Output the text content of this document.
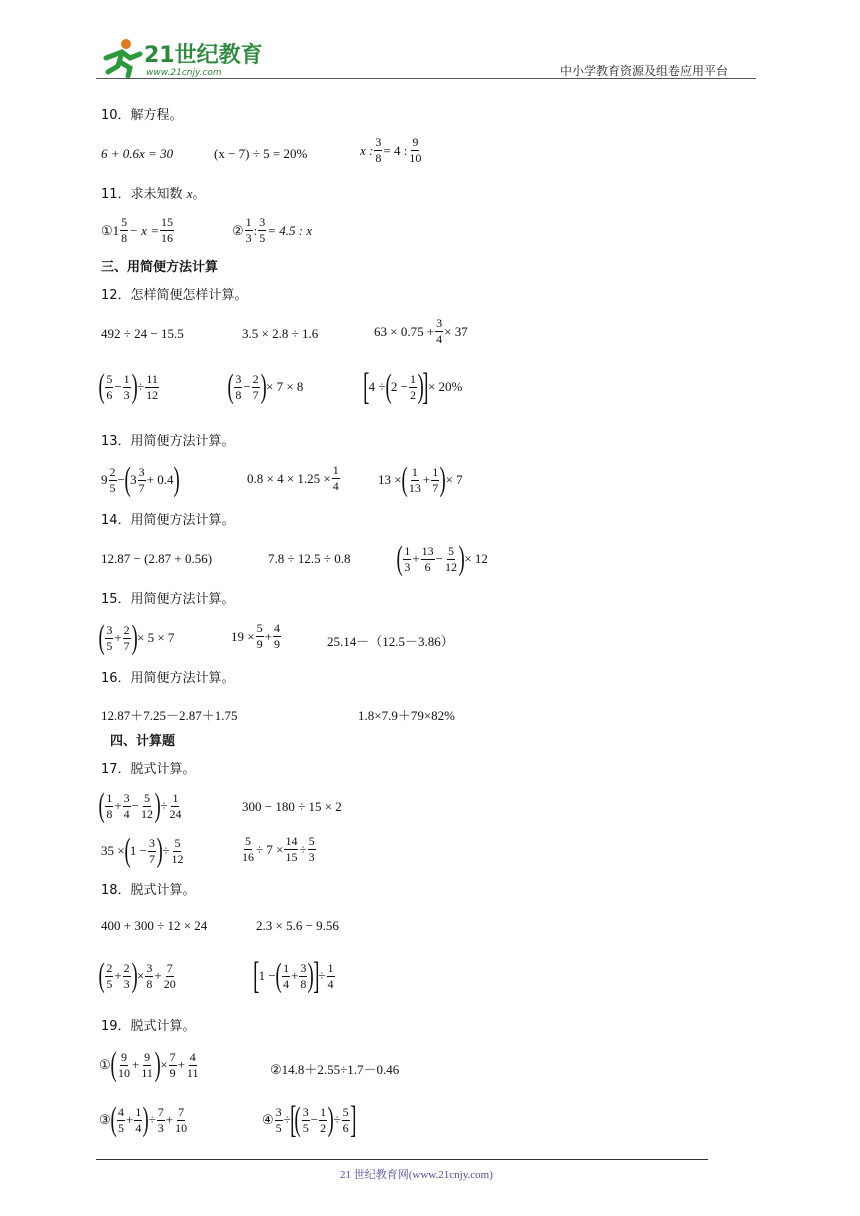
21世纪教育
www.21cnjy.com	中小学教育资源及组卷应用平台
10．解方程。
6 + 0.6x = 30	(x − 7) ÷ 5 = 20%	x : $\frac{3}{8} = 4$ :
9
10
11．求未知数 x。
①1
5
8
− $x = \frac{15}{16}$	②
1
3
: $\frac{3}{5} = 4.5$ : x
三、用简便方法计算
12．怎样简便怎样计算。
492 ÷ 24 − 15.5	3.5 × 2.8 ÷ 1.6	$63 \times 0.75 + \frac{3}{4} \times 37$
( 5
6
−
1
3 ) ÷
11
12 ( 3
8
−
2
7 ) × 7 × 8 [ 4 ÷ ( $2 - \frac{1}{2}$ )
] × 20%
13．用简便方法计算。
9
2
5
− ( 3
3
7
+ 0.4 )	$0.8 \times 4 \times 1.25 \times \frac{1}{4}$	13 × ( 1
13
+
1
7 ) × 7
14．用简便方法计算。
12.87 − (2.87 + 0.56)	7.8 ÷ 12.5 ÷ 0.8 ( 1
3
+
13
6
−
5
12 ) × 12
15．用简便方法计算。
( 3
5
+
2
7 ) × 5 × 7	$19 \times \frac{5}{9}$ +
4
9	25.14－（12.5－3.86）
16．用简便方法计算。
12.87＋7.25－2.87＋1.75	1.8×7.9＋79×82%
四、计算题
17．脱式计算。
( 1
8
+
3
4
−
5
12 ) ÷
1
24	300 − 180 ÷ 15 × 2
35 × ( $1 - \frac{3}{7}$ ) ÷
5
12	$\frac{5}{16} \div 7 \times \frac{14}{15}$ ÷
5
3
18．脱式计算。
400 + 300 ÷ 12 × 24	2.3 × 5.6 − 9.56
( 2
5
+
2
3 ) ×
3
8
+
7
20 [ 1 − ( 1
4
+
3
8 )
] ÷
1
4
19．脱式计算。
① ( 9
10
+
9
11 ) ×
7
9
+
4
11	②14.8＋2.55÷1.7－0.46
③ ( 4
5
+
1
4 ) ÷
7
3
+
7
10
④
3
5
÷ [
( 3
5
−
1
2 ) ÷
5
6 ]
21 世纪教育网(www.21cnjy.com)
